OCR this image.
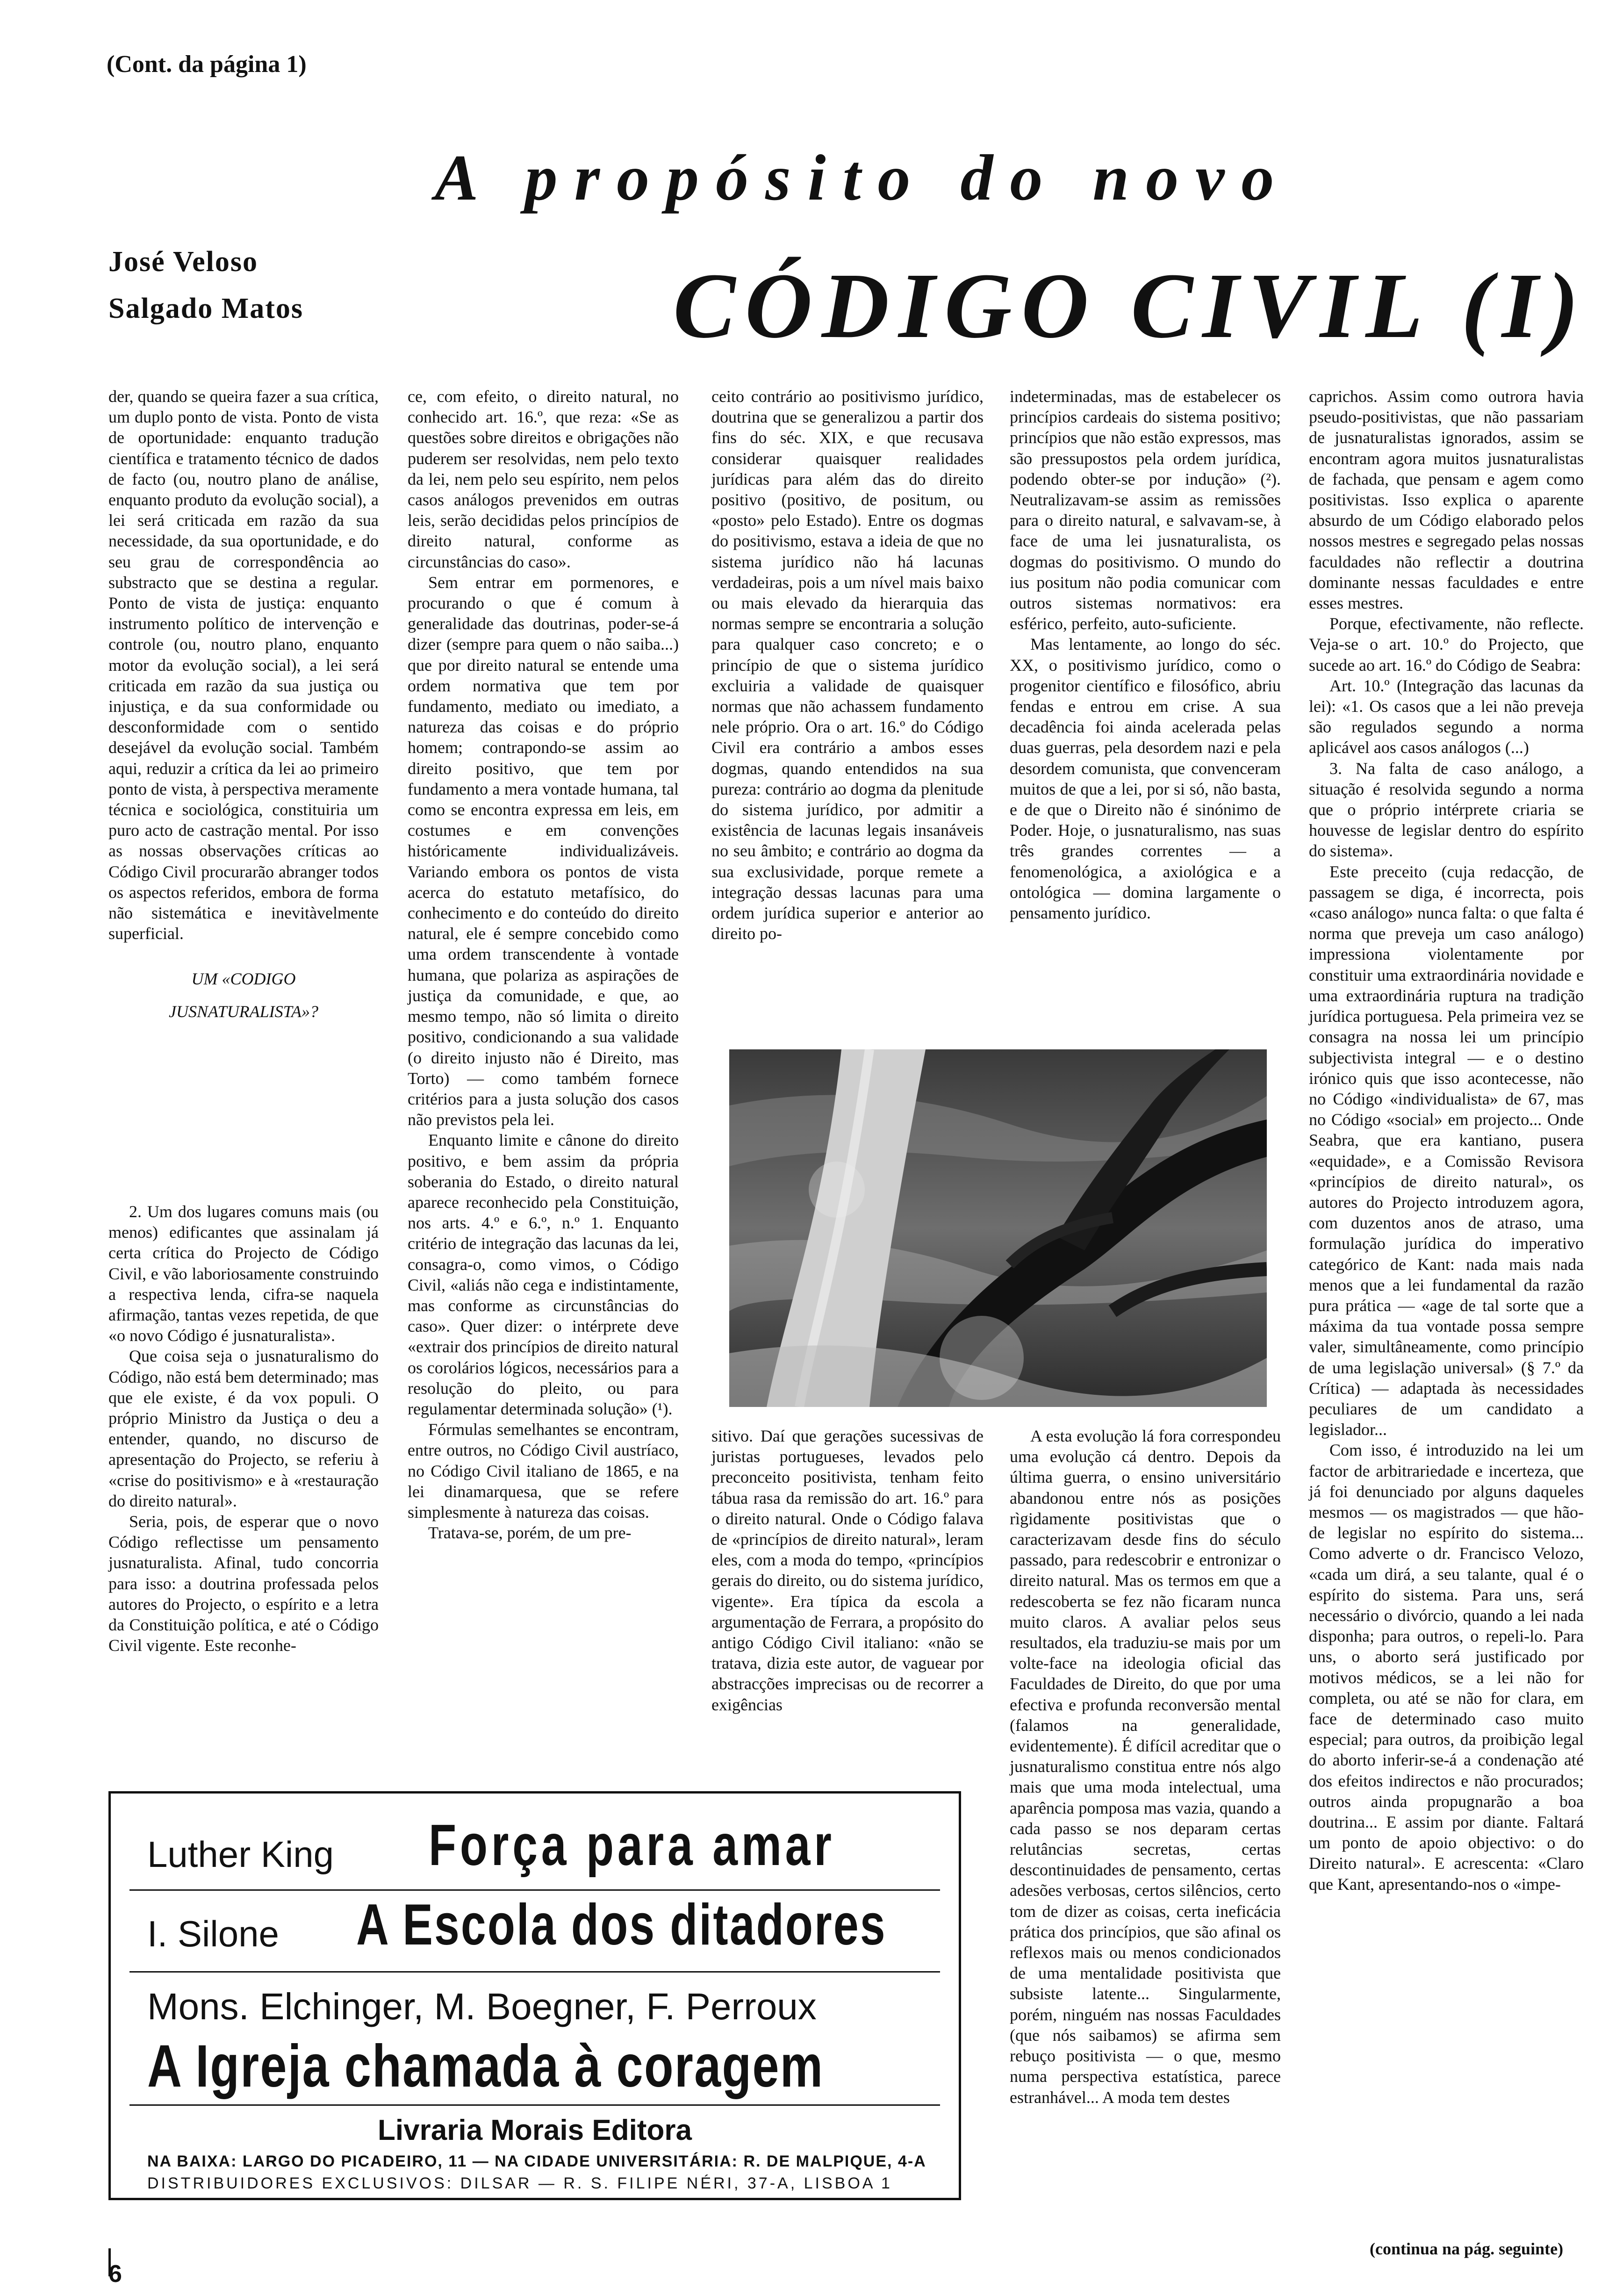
(Cont. da página 1)
A propósito do novo
CÓDIGO CIVIL (I)
José Veloso
Salgado Matos

der, quando se queira fazer a sua crítica, um duplo ponto de vista. Ponto de vista de oportunidade: enquanto tradução científica e tratamento técnico de dados de facto (ou, noutro plano de análise, enquanto produto da evolução social), a lei será criticada em razão da sua necessidade, da sua oportunidade, e do seu grau de correspondência ao substracto que se destina a regular. Ponto de vista de justiça: enquanto instrumento político de intervenção e controle (ou, noutro plano, enquanto motor da evolução social), a lei será criticada em razão da sua justiça ou injustiça, e da sua conformidade ou desconformidade com o sentido desejável da evolução social. Também aqui, reduzir a crítica da lei ao primeiro ponto de vista, à perspectiva meramente técnica e sociológica, constituiria um puro acto de castração mental. Por isso as nossas observações críticas ao Código Civil procurarão abranger todos os aspectos referidos, embora de forma não sistemática e inevitàvelmente superficial.

UM «CODIGO
JUSNATURALISTA»?

2. Um dos lugares comuns mais (ou menos) edificantes que assinalam já certa crítica do Projecto de Código Civil, e vão laboriosamente construindo a respectiva lenda, cifra-se naquela afirmação, tantas vezes repetida, de que «o novo Código é jusnaturalista».

Que coisa seja o jusnaturalismo do Código, não está bem determinado; mas que ele existe, é da vox populi. O próprio Ministro da Justiça o deu a entender, quando, no discurso de apresentação do Projecto, se referiu à «crise do positivismo» e à «restauração do direito natural».

Seria, pois, de esperar que o novo Código reflectisse um pensamento jusnaturalista. Afinal, tudo concorria para isso: a doutrina professada pelos autores do Projecto, o espírito e a letra da Constituição política, e até o Código Civil vigente. Este reconhe-

ce, com efeito, o direito natural, no conhecido art. 16.º, que reza: «Se as questões sobre direitos e obrigações não puderem ser resolvidas, nem pelo texto da lei, nem pelo seu espírito, nem pelos casos análogos prevenidos em outras leis, serão decididas pelos princípios de direito natural, conforme as circunstâncias do caso».

Sem entrar em pormenores, e procurando o que é comum à generalidade das doutrinas, poder-se-á dizer (sempre para quem o não saiba...) que por direito natural se entende uma ordem normativa que tem por fundamento, mediato ou imediato, a natureza das coisas e do próprio homem; contrapondo-se assim ao direito positivo, que tem por fundamento a mera vontade humana, tal como se encontra expressa em leis, em costumes e em convenções históricamente individualizáveis. Variando embora os pontos de vista acerca do estatuto metafísico, do conhecimento e do conteúdo do direito natural, ele é sempre concebido como uma ordem transcendente à vontade humana, que polariza as aspirações de justiça da comunidade, e que, ao mesmo tempo, não só limita o direito positivo, condicionando a sua validade (o direito injusto não é Direito, mas Torto) — como também fornece critérios para a justa solução dos casos não previstos pela lei.

Enquanto limite e cânone do direito positivo, e bem assim da própria soberania do Estado, o direito natural aparece reconhecido pela Constituição, nos arts. 4.º e 6.º, n.º 1. Enquanto critério de integração das lacunas da lei, consagra-o, como vimos, o Código Civil, «aliás não cega e indistintamente, mas conforme as circunstâncias do caso». Quer dizer: o intérprete deve «extrair dos princípios de direito natural os corolários lógicos, necessários para a resolução do pleito, ou para regulamentar determinada solução» (¹).

Fórmulas semelhantes se encontram, entre outros, no Código Civil austríaco, no Código Civil italiano de 1865, e na lei dinamarquesa, que se refere simplesmente à natureza das coisas.

Tratava-se, porém, de um pre-

ceito contrário ao positivismo jurídico, doutrina que se generalizou a partir dos fins do séc. XIX, e que recusava considerar quaisquer realidades jurídicas para além das do direito positivo (positivo, de positum, ou «posto» pelo Estado). Entre os dogmas do positivismo, estava a ideia de que no sistema jurídico não há lacunas verdadeiras, pois a um nível mais baixo ou mais elevado da hierarquia das normas sempre se encontraria a solução para qualquer caso concreto; e o princípio de que o sistema jurídico excluiria a validade de quaisquer normas que não achassem fundamento nele próprio. Ora o art. 16.º do Código Civil era contrário a ambos esses dogmas, quando entendidos na sua pureza: contrário ao dogma da plenitude do sistema jurídico, por admitir a existência de lacunas legais insanáveis no seu âmbito; e contrário ao dogma da sua exclusividade, porque remete a integração dessas lacunas para uma ordem jurídica superior e anterior ao direito po-

indeterminadas, mas de estabelecer os princípios cardeais do sistema positivo; princípios que não estão expressos, mas são pressupostos pela ordem jurídica, podendo obter-se por indução» (²). Neutralizavam-se assim as remissões para o direito natural, e salvavam-se, à face de uma lei jusnaturalista, os dogmas do positivismo. O mundo do ius positum não podia comunicar com outros sistemas normativos: era esférico, perfeito, auto-suficiente.

Mas lentamente, ao longo do séc. XX, o positivismo jurídico, como o progenitor científico e filosófico, abriu fendas e entrou em crise. A sua decadência foi ainda acelerada pelas duas guerras, pela desordem nazi e pela desordem comunista, que convenceram muitos de que a lei, por si só, não basta, e de que o Direito não é sinónimo de Poder. Hoje, o jusnaturalismo, nas suas três grandes correntes — a fenomenológica, a axiológica e a ontológica — domina largamente o pensamento jurídico.

sitivo. Daí que gerações sucessivas de juristas portugueses, levados pelo preconceito positivista, tenham feito tábua rasa da remissão do art. 16.º para o direito natural. Onde o Código falava de «princípios de direito natural», leram eles, com a moda do tempo, «princípios gerais do direito, ou do sistema jurídico, vigente». Era típica da escola a argumentação de Ferrara, a propósito do antigo Código Civil italiano: «não se tratava, dizia este autor, de vaguear por abstracções imprecisas ou de recorrer a exigências

A esta evolução lá fora correspondeu uma evolução cá dentro. Depois da última guerra, o ensino universitário abandonou entre nós as posições rìgidamente positivistas que o caracterizavam desde fins do século passado, para redescobrir e entronizar o direito natural. Mas os termos em que a redescoberta se fez não ficaram nunca muito claros. A avaliar pelos seus resultados, ela traduziu-se mais por um volte-face na ideologia oficial das Faculdades de Direito, do que por uma efectiva e profunda reconversão mental (falamos na generalidade, evidentemente). É difícil acreditar que o jusnaturalismo constitua entre nós algo mais que uma moda intelectual, uma aparência pomposa mas vazia, quando a cada passo se nos deparam certas relutâncias secretas, certas descontinuidades de pensamento, certas adesões verbosas, certos silêncios, certo tom de dizer as coisas, certa ineficácia prática dos princípios, que são afinal os reflexos mais ou menos condicionados de uma mentalidade positivista que subsiste latente... Singularmente, porém, ninguém nas nossas Faculdades (que nós saibamos) se afirma sem rebuço positivista — o que, mesmo numa perspectiva estatística, parece estranhável... A moda tem destes

caprichos. Assim como outrora havia pseudo-positivistas, que não passariam de jusnaturalistas ignorados, assim se encontram agora muitos jusnaturalistas de fachada, que pensam e agem como positivistas. Isso explica o aparente absurdo de um Código elaborado pelos nossos mestres e segregado pelas nossas faculdades não reflectir a doutrina dominante nessas faculdades e entre esses mestres.

Porque, efectivamente, não reflecte. Veja-se o art. 10.º do Projecto, que sucede ao art. 16.º do Código de Seabra:

Art. 10.º (Integração das lacunas da lei): «1. Os casos que a lei não preveja são regulados segundo a norma aplicável aos casos análogos (...)

3. Na falta de caso análogo, a situação é resolvida segundo a norma que o próprio intérprete criaria se houvesse de legislar dentro do espírito do sistema».

Este preceito (cuja redacção, de passagem se diga, é incorrecta, pois «caso análogo» nunca falta: o que falta é norma que preveja um caso análogo) impressiona violentamente por constituir uma extraordinária novidade e uma extraordinária ruptura na tradição jurídica portuguesa. Pela primeira vez se consagra na nossa lei um princípio subjectivista integral — e o destino irónico quis que isso acontecesse, não no Código «individualista» de 67, mas no Código «social» em projecto... Onde Seabra, que era kantiano, pusera «equidade», e a Comissão Revisora «princípios de direito natural», os autores do Projecto introduzem agora, com duzentos anos de atraso, uma formulação jurídica do imperativo categórico de Kant: nada mais nada menos que a lei fundamental da razão pura prática — «age de tal sorte que a máxima da tua vontade possa sempre valer, simultâneamente, como princípio de uma legislação universal» (§ 7.º da Crítica) — adaptada às necessidades peculiares de um candidato a legislador...

Com isso, é introduzido na lei um factor de arbitrariedade e incerteza, que já foi denunciado por alguns daqueles mesmos — os magistrados — que hão-de legislar no espírito do sistema... Como adverte o dr. Francisco Velozo, «cada um dirá, a seu talante, qual é o espírito do sistema. Para uns, será necessário o divórcio, quando a lei nada disponha; para outros, o repeli-lo. Para uns, o aborto será justificado por motivos médicos, se a lei não for completa, ou até se não for clara, em face de determinado caso muito especial; para outros, da proibição legal do aborto inferir-se-á a condenação até dos efeitos indirectos e não procurados; outros ainda propugnarão a boa doutrina... E assim por diante. Faltará um ponto de apoio objectivo: o do Direito natural». E acrescenta: «Claro que Kant, apresentando-nos o «impe-

Luther King Força para amar
I. Silone A Escola dos ditadores
Mons. Elchinger, M. Boegner, F. Perroux
A Igreja chamada à coragem
Livraria Morais Editora
NA BAIXA: LARGO DO PICADEIRO, 11 — NA CIDADE UNIVERSITÁRIA: R. DE MALPIQUE, 4-A
DISTRIBUIDORES EXCLUSIVOS: DILSAR — R. S. FILIPE NÉRI, 37-A, LISBOA 1
(continua na pág. seguinte)
6
